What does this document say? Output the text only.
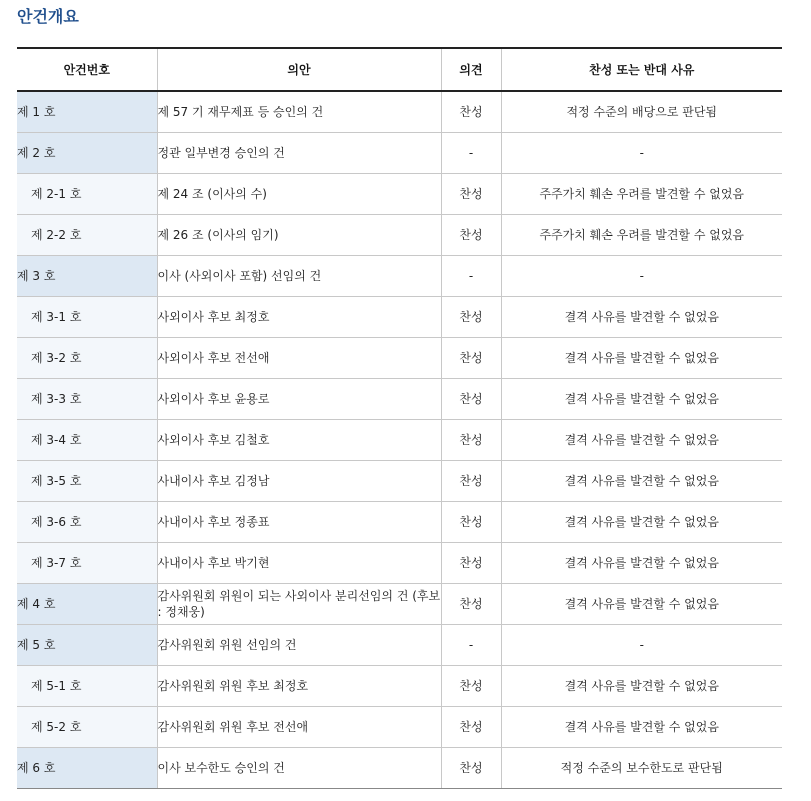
안건개요
안건번호	의안	의견	찬성 또는 반대 사유
제 1 호	제 57 기 재무제표 등 승인의 건	찬성	적정 수준의 배당으로 판단됨
제 2 호	정관 일부변경 승인의 건	-	-
제 2-1 호	제 24 조 (이사의 수)	찬성	주주가치 훼손 우려를 발견할 수 없었음
제 2-2 호	제 26 조 (이사의 임기)	찬성	주주가치 훼손 우려를 발견할 수 없었음
제 3 호	이사 (사외이사 포함) 선임의 건	-	-
제 3-1 호	사외이사 후보 최정호	찬성	결격 사유를 발견할 수 없었음
제 3-2 호	사외이사 후보 전선애	찬성	결격 사유를 발견할 수 없었음
제 3-3 호	사외이사 후보 윤용로	찬성	결격 사유를 발견할 수 없었음
제 3-4 호	사외이사 후보 김철호	찬성	결격 사유를 발견할 수 없었음
제 3-5 호	사내이사 후보 김정남	찬성	결격 사유를 발견할 수 없었음
제 3-6 호	사내이사 후보 정종표	찬성	결격 사유를 발견할 수 없었음
제 3-7 호	사내이사 후보 박기현	찬성	결격 사유를 발견할 수 없었음
제 4 호	감사위원회 위원이 되는 사외이사 분리선임의 건 (후보 : 정채웅)	찬성	결격 사유를 발견할 수 없었음
제 5 호	감사위원회 위원 선임의 건	-	-
제 5-1 호	감사위원회 위원 후보 최정호	찬성	결격 사유를 발견할 수 없었음
제 5-2 호	감사위원회 위원 후보 전선애	찬성	결격 사유를 발견할 수 없었음
제 6 호	이사 보수한도 승인의 건	찬성	적정 수준의 보수한도로 판단됨
